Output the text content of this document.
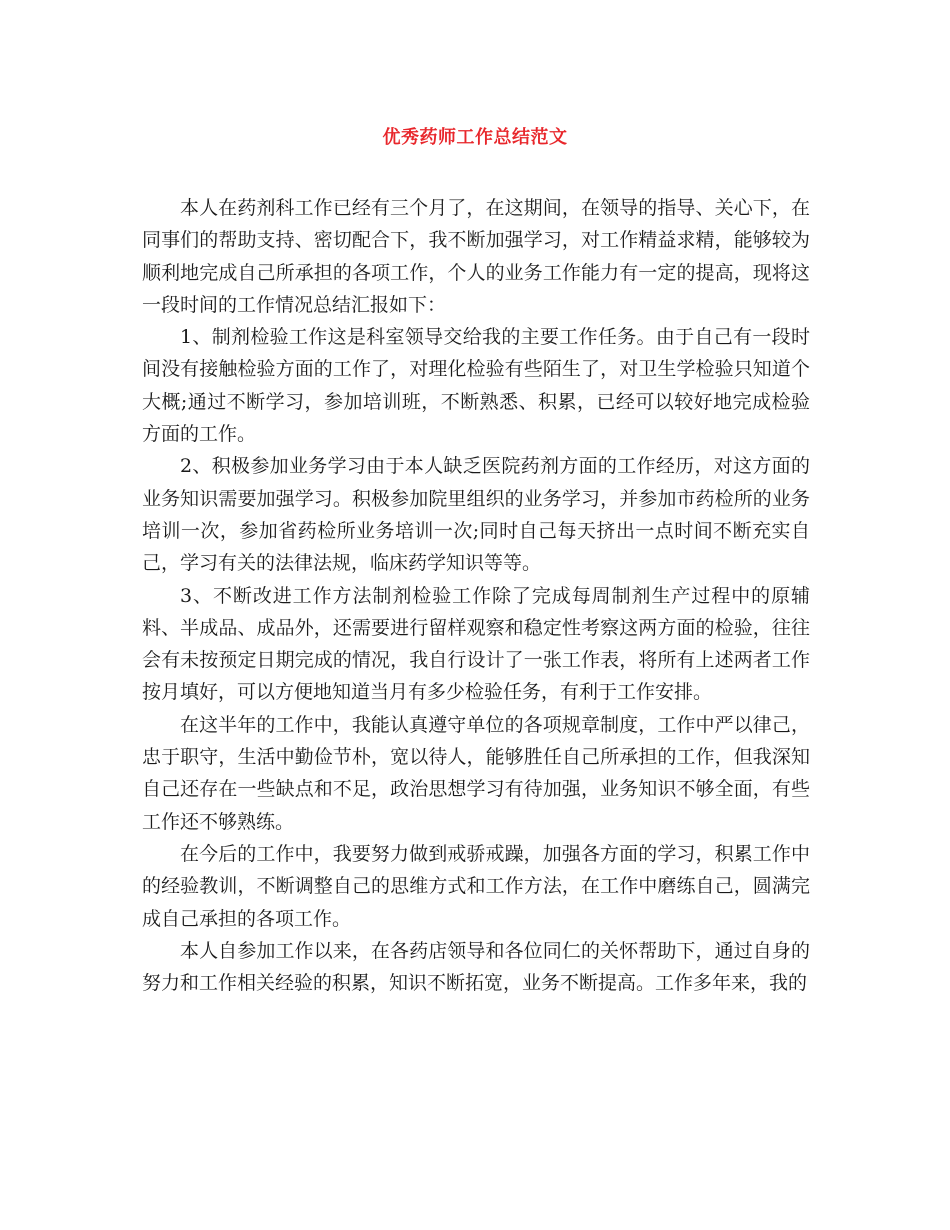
优秀药师工作总结范文

本人在药剂科工作已经有三个月了，在这期间，在领导的指导、关心下，在同事们的帮助支持、密切配合下，我不断加强学习，对工作精益求精，能够较为顺利地完成自己所承担的各项工作，个人的业务工作能力有一定的提高，现将这一段时间的工作情况总结汇报如下：

1、制剂检验工作这是科室领导交给我的主要工作任务。由于自己有一段时间没有接触检验方面的工作了，对理化检验有些陌生了，对卫生学检验只知道个大概;通过不断学习，参加培训班，不断熟悉、积累，已经可以较好地完成检验方面的工作。

2、积极参加业务学习由于本人缺乏医院药剂方面的工作经历，对这方面的业务知识需要加强学习。积极参加院里组织的业务学习，并参加市药检所的业务培训一次，参加省药检所业务培训一次;同时自己每天挤出一点时间不断充实自己，学习有关的法律法规，临床药学知识等等。

3、不断改进工作方法制剂检验工作除了完成每周制剂生产过程中的原辅料、半成品、成品外，还需要进行留样观察和稳定性考察这两方面的检验，往往会有未按预定日期完成的情况，我自行设计了一张工作表，将所有上述两者工作按月填好，可以方便地知道当月有多少检验任务，有利于工作安排。

在这半年的工作中，我能认真遵守单位的各项规章制度，工作中严以律己，忠于职守，生活中勤俭节朴，宽以待人，能够胜任自己所承担的工作，但我深知自己还存在一些缺点和不足，政治思想学习有待加强，业务知识不够全面，有些工作还不够熟练。

在今后的工作中，我要努力做到戒骄戒躁，加强各方面的学习，积累工作中的经验教训，不断调整自己的思维方式和工作方法，在工作中磨练自己，圆满完成自己承担的各项工作。

本人自参加工作以来，在各药店领导和各位同仁的关怀帮助下，通过自身的努力和工作相关经验的积累，知识不断拓宽，业务不断提高。工作多年来，我的
